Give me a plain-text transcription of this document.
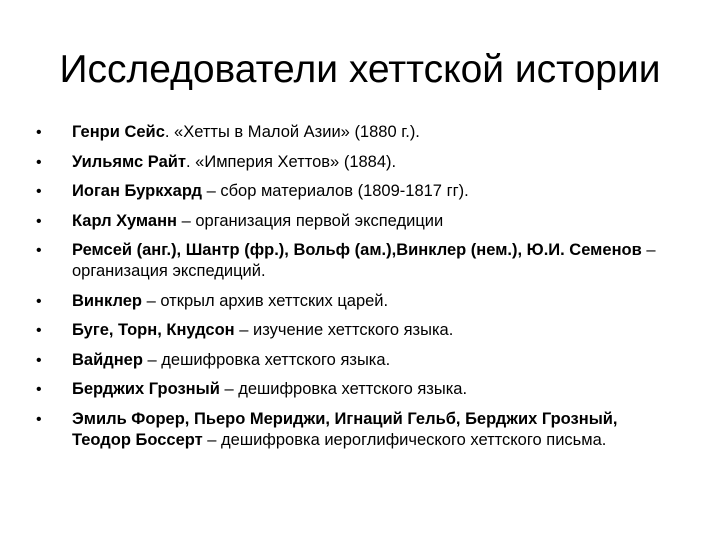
Исследователи хеттской истории
• Генри Сейс. «Хетты в Малой Азии» (1880 г.).
• Уильямс Райт. «Империя Хеттов» (1884).
• Иоган Буркхард – сбор материалов (1809-1817 гг).
• Карл Хуманн – организация первой экспедиции
• Ремсей (анг.), Шантр (фр.), Вольф (ам.),Винклер (нем.), Ю.И. Семенов – организация экспедиций.
• Винклер – открыл архив хеттских царей.
• Буге, Торн, Кнудсон – изучение хеттского языка.
• Вайднер – дешифровка хеттского языка.
• Берджих Грозный – дешифровка хеттского языка.
• Эмиль Форер, Пьеро Мериджи, Игнаций Гельб, Берджих Грозный, Теодор Боссерт – дешифровка иероглифического хеттского письма.
